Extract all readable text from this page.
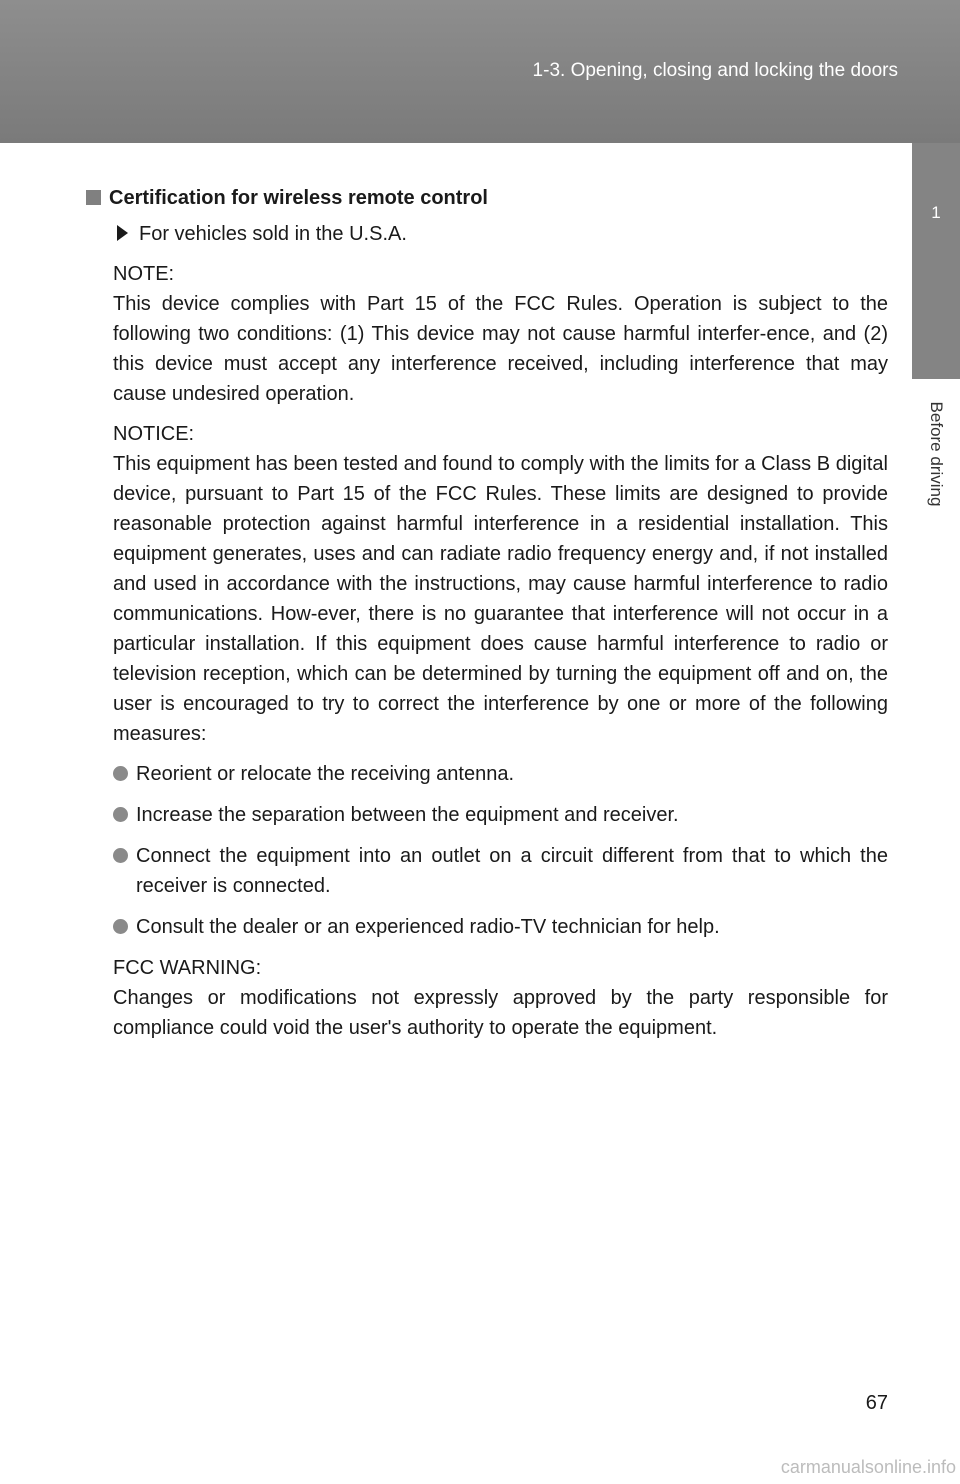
1-3. Opening, closing and locking the doors
1
Before driving
Certification for wireless remote control
For vehicles sold in the U.S.A.

NOTE:

This device complies with Part 15 of the FCC Rules. Operation is subject to the following two conditions: (1) This device may not cause harmful interfer-ence, and (2) this device must accept any interference received, including interference that may cause undesired operation.

NOTICE:

This equipment has been tested and found to comply with the limits for a Class B digital device, pursuant to Part 15 of the FCC Rules. These limits are designed to provide reasonable protection against harmful interference in a residential installation. This equipment generates, uses and can radiate radio frequency energy and, if not installed and used in accordance with the instructions, may cause harmful interference to radio communications. How-ever, there is no guarantee that interference will not occur in a particular installation. If this equipment does cause harmful interference to radio or television reception, which can be determined by turning the equipment off and on, the user is encouraged to try to correct the interference by one or more of the following measures:

Reorient or relocate the receiving antenna.
Increase the separation between the equipment and receiver.
Connect the equipment into an outlet on a circuit different from that to which the receiver is connected.
Consult the dealer or an experienced radio-TV technician for help.

FCC WARNING:

Changes or modifications not expressly approved by the party responsible for compliance could void the user's authority to operate the equipment.

67
carmanualsonline.info
